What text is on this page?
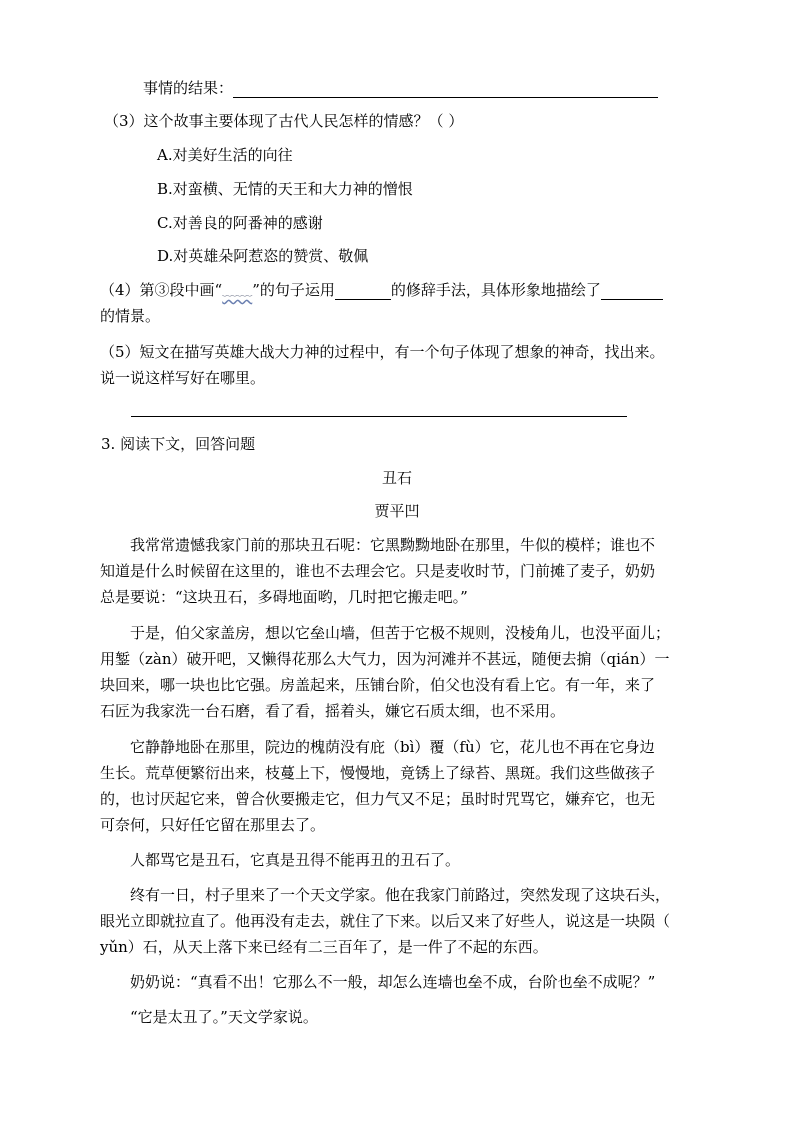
事情的结果：
（3）这个故事主要体现了古代人民怎样的情感？（ ）
A.对美好生活的向往
B.对蛮横、无情的天王和大力神的憎恨
C.对善良的阿番神的感谢
D.对英雄朵阿惹恣的赞赏、敬佩
（4）第③段中画“﹏﹏”的句子运用	的修辞手法，具体形象地描绘了
的情景。
（5）短文在描写英雄大战大力神的过程中，有一个句子体现了想象的神奇，找出来。
说一说这样写好在哪里。
3. 阅读下文，回答问题
丑石
贾平凹
我常常遗憾我家门前的那块丑石呢：它黑黝黝地卧在那里，牛似的模样；谁也不
知道是什么时候留在这里的，谁也不去理会它。只是麦收时节，门前摊了麦子，奶奶
总是要说：“这块丑石，多碍地面哟，几时把它搬走吧。”
于是，伯父家盖房，想以它垒山墙，但苦于它极不规则，没棱角儿，也没平面儿；
用錾（zàn）破开吧，又懒得花那么大气力，因为河滩并不甚远，随便去掮（qián）一
块回来，哪一块也比它强。房盖起来，压铺台阶，伯父也没有看上它。有一年，来了
石匠为我家洗一台石磨，看了看，摇着头，嫌它石质太细，也不采用。
它静静地卧在那里，院边的槐荫没有庇（bì）覆（fù）它，花儿也不再在它身边
生长。荒草便繁衍出来，枝蔓上下，慢慢地，竟锈上了绿苔、黑斑。我们这些做孩子
的，也讨厌起它来，曾合伙要搬走它，但力气又不足；虽时时咒骂它，嫌弃它，也无
可奈何，只好任它留在那里去了。
人都骂它是丑石，它真是丑得不能再丑的丑石了。
终有一日，村子里来了一个天文学家。他在我家门前路过，突然发现了这块石头，
眼光立即就拉直了。他再没有走去，就住了下来。以后又来了好些人，说这是一块陨（
yǔn）石，从天上落下来已经有二三百年了，是一件了不起的东西。
奶奶说：“真看不出！它那么不一般，却怎么连墙也垒不成，台阶也垒不成呢？”
“它是太丑了。”天文学家说。
